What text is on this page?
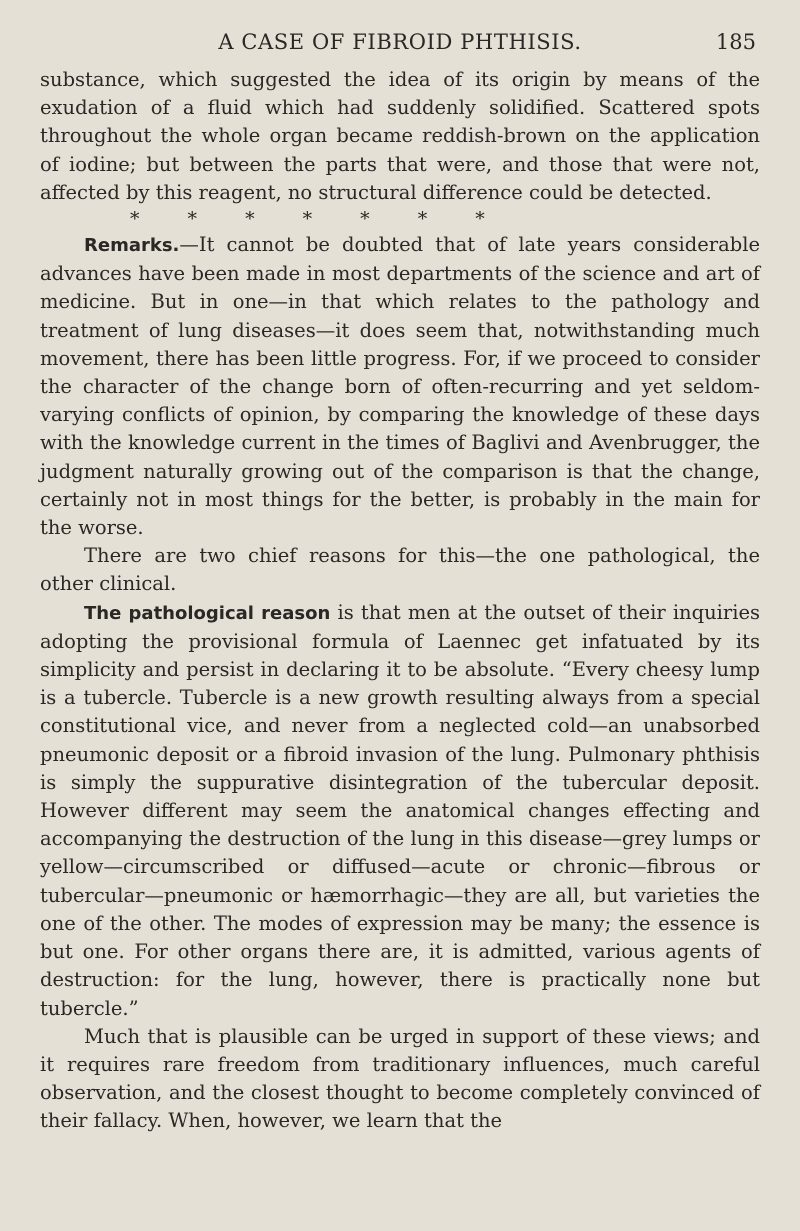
A CASE OF FIBROID PHTHISIS.	185

substance, which suggested the idea of its origin by means of the exudation of a fluid which had suddenly solidified. Scattered spots throughout the whole organ became reddish-brown on the application of iodine; but between the parts that were, and those that were not, affected by this reagent, no structural difference could be detected.

* * * * * * *

Remarks.—It cannot be doubted that of late years considerable advances have been made in most departments of the science and art of medicine. But in one—in that which relates to the pathology and treatment of lung diseases—it does seem that, notwithstanding much movement, there has been little progress. For, if we proceed to consider the character of the change born of often-recurring and yet seldom-varying conflicts of opinion, by comparing the knowledge of these days with the knowledge current in the times of Baglivi and Avenbrugger, the judgment naturally growing out of the comparison is that the change, certainly not in most things for the better, is probably in the main for the worse.

There are two chief reasons for this—the one pathological, the other clinical.

The pathological reason is that men at the outset of their inquiries adopting the provisional formula of Laennec get infatuated by its simplicity and persist in declaring it to be absolute. “Every cheesy lump is a tubercle. Tubercle is a new growth resulting always from a special constitutional vice, and never from a neglected cold—an unabsorbed pneumonic deposit or a fibroid invasion of the lung. Pulmonary phthisis is simply the suppurative disintegration of the tubercular deposit. However different may seem the anatomical changes effecting and accompanying the destruction of the lung in this disease—grey lumps or yellow—circumscribed or diffused—acute or chronic—fibrous or tubercular—pneumonic or hæmorrhagic—they are all, but varieties the one of the other. The modes of expression may be many; the essence is but one. For other organs there are, it is admitted, various agents of destruction: for the lung, however, there is practically none but tubercle.”

Much that is plausible can be urged in support of these views; and it requires rare freedom from traditionary influences, much careful observation, and the closest thought to become completely convinced of their fallacy. When, however, we learn that the
